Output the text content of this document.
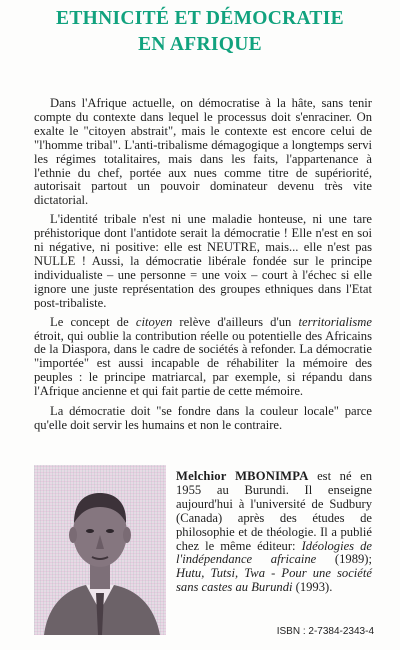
ETHNICITÉ ET DÉMOCRATIE
EN AFRIQUE

Dans l'Afrique actuelle, on démocratise à la hâte, sans tenir compte du contexte dans lequel le processus doit s'enraciner. On exalte le "citoyen abstrait", mais le contexte est encore celui de "l'homme tribal". L'anti-tribalisme démagogique a longtemps servi les régimes totalitaires, mais dans les faits, l'appartenance à l'ethnie du chef, portée aux nues comme titre de supériorité, autorisait partout un pouvoir dominateur devenu très vite dictatorial.

L'identité tribale n'est ni une maladie honteuse, ni une tare préhistorique dont l'antidote serait la démocratie ! Elle n'est en soi ni négative, ni positive: elle est NEUTRE, mais... elle n'est pas NULLE ! Aussi, la démocratie libérale fondée sur le principe individualiste – une personne = une voix – court à l'échec si elle ignore une juste représentation des groupes ethniques dans l'Etat post-tribaliste.

Le concept de citoyen relève d'ailleurs d'un territorialisme étroit, qui oublie la contribution réelle ou potentielle des Africains de la Diaspora, dans le cadre de sociétés à refonder. La démocratie "importée" est aussi incapable de réhabiliter la mémoire des peuples : le principe matriarcal, par exemple, si répandu dans l'Afrique ancienne et qui fait partie de cette mémoire.

La démocratie doit "se fondre dans la couleur locale" parce qu'elle doit servir les humains et non le contraire.

Melchior MBONIMPA est né en 1955 au Burundi. Il enseigne aujourd'hui à l'université de Sudbury (Canada) après des études de philosophie et de théologie. Il a publié chez le même éditeur: Idéologies de l'indépendance africaine (1989); Hutu, Tutsi, Twa - Pour une société sans castes au Burundi (1993).
ISBN : 2-7384-2343-4
